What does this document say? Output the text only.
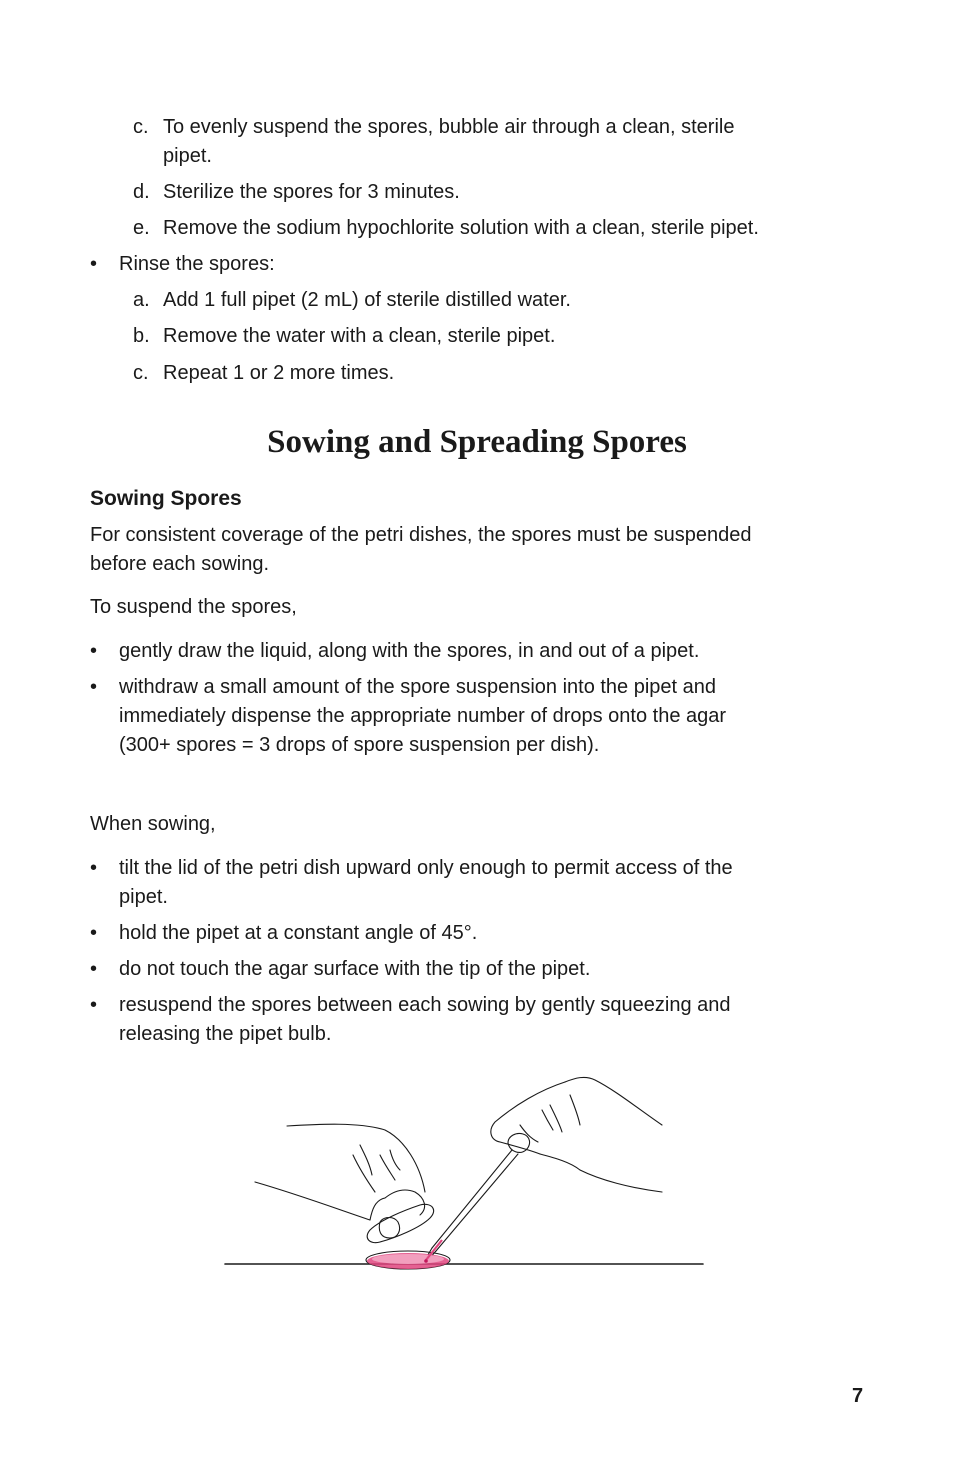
c. To evenly suspend the spores, bubble air through a clean, sterile
pipet.
d. Sterilize the spores for 3 minutes.
e. Remove the sodium hypochlorite solution with a clean, sterile pipet.
• Rinse the spores:
a. Add 1 full pipet (2 mL) of sterile distilled water.
b. Remove the water with a clean, sterile pipet.
c. Repeat 1 or 2 more times.
Sowing and Spreading Spores
Sowing Spores
For consistent coverage of the petri dishes, the spores must be suspended
before each sowing.
To suspend the spores,
• gently draw the liquid, along with the spores, in and out of a pipet.
• withdraw a small amount of the spore suspension into the pipet and
immediately dispense the appropriate number of drops onto the agar
(300+ spores = 3 drops of spore suspension per dish).
When sowing,
• tilt the lid of the petri dish upward only enough to permit access of the
pipet.
• hold the pipet at a constant angle of 45°.
• do not touch the agar surface with the tip of the pipet.
• resuspend the spores between each sowing by gently squeezing and
releasing the pipet bulb.
7
